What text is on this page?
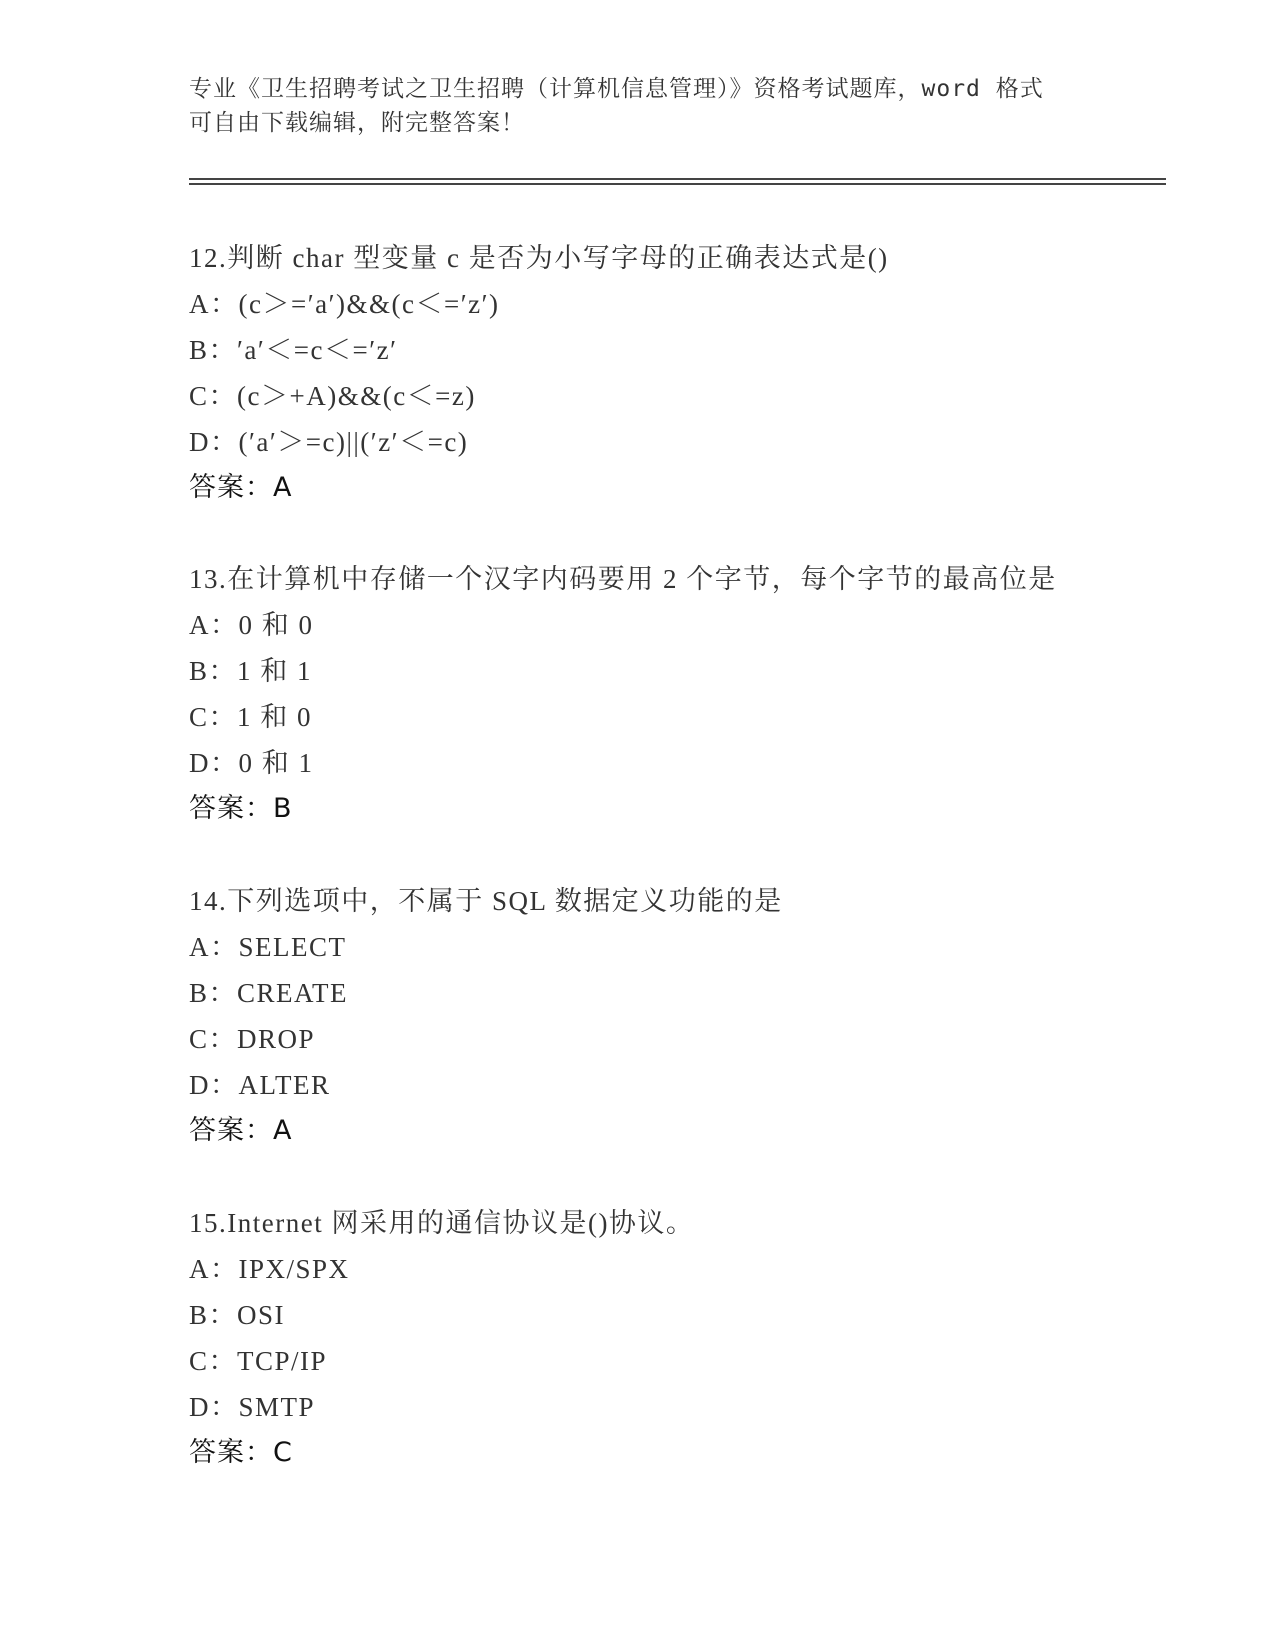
专业《卫生招聘考试之卫生招聘（计算机信息管理）》资格考试题库，word 格式
可自由下载编辑，附完整答案！
12.判断 char 型变量 c 是否为小写字母的正确表达式是()
A：(c＞=′a′)&&(c＜=′z′)
B：′a′＜=c＜=′z′
C：(c＞+A)&&(c＜=z)
D：(′a′＞=c)||(′z′＜=c)
答案：A
13.在计算机中存储一个汉字内码要用 2 个字节，每个字节的最高位是
A：0 和 0
B：1 和 1
C：1 和 0
D：0 和 1
答案：B
14.下列选项中，不属于 SQL 数据定义功能的是
A：SELECT
B：CREATE
C：DROP
D：ALTER
答案：A
15.Internet 网采用的通信协议是()协议。
A：IPX/SPX
B：OSI
C：TCP/IP
D：SMTP
答案：C
